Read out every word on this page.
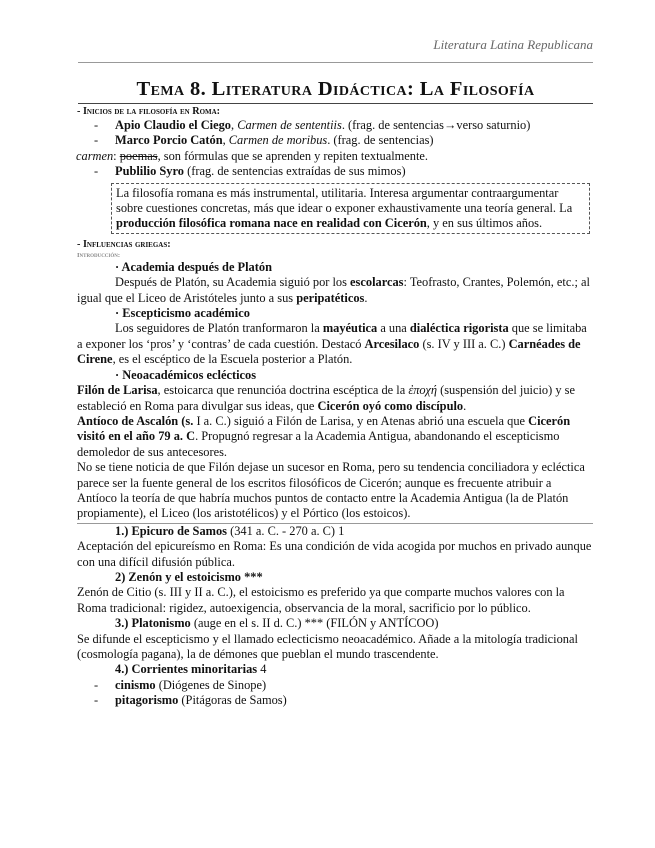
Literatura Latina Republicana
Tema 8. Literatura Didáctica: La Filosofía
- Inicios de la filosofía en Roma:
- Apio Claudio el Ciego, Carmen de sententiis. (frag. de sentencias→verso saturnio)
- Marco Porcio Catón, Carmen de moribus. (frag. de sentencias)

carmen: poemas, son fórmulas que se aprenden y repiten textualmente.

- Publilio Syro (frag. de sentencias extraídas de sus mimos)
La filosofía romana es más instrumental, utilitaria. Interesa argumentar contraargumentar sobre cuestiones concretas, más que idear o exponer exhaustivamente una teoría general. La producción filosófica romana nace en realidad con Cicerón, y en sus últimos años.
- Influencias griegas:
Introducción:
· Academia después de Platón

Después de Platón, su Academia siguió por los escolarcas: Teofrasto, Crantes, Polemón, etc.; al igual que el Liceo de Aristóteles junto a sus peripatéticos.

· Escepticismo académico

Los seguidores de Platón tranformaron la mayéutica a una dialéctica rigorista que se limitaba a exponer los ‘pros’ y ‘contras’ de cada cuestión. Destacó Arcesilaco (s. IV y III a. C.) Carnéades de Cirene, es el escéptico de la Escuela posterior a Platón.

· Neoacadémicos eclécticos

Filón de Larisa, estoicarca que renuncióa doctrina escéptica de la ἐποχή (suspensión del juicio) y se estableció en Roma para divulgar sus ideas, que Cicerón oyó como discípulo.

Antíoco de Ascalón (s. I a. C.) siguió a Filón de Larisa, y en Atenas abrió una escuela que Cicerón visitó en el año 79 a. C. Propugnó regresar a la Academia Antigua, abandonando el escepticismo demoledor de sus antecesores.

No se tiene noticia de que Filón dejase un sucesor en Roma, pero su tendencia conciliadora y ecléctica parece ser la fuente general de los escritos filosóficos de Cicerón; aunque es frecuente atribuir a Antíoco la teoría de que habría muchos puntos de contacto entre la Academia Antigua (la de Platón propiamente), el Liceo (los aristotélicos) y el Pórtico (los estoicos).

1.) Epicuro de Samos (341 a. C. - 270 a. C) 1

Aceptación del epicureísmo en Roma: Es una condición de vida acogida por muchos en privado aunque con una difícil difusión pública.

2) Zenón y el estoicismo ***

Zenón de Citio (s. III y II a. C.), el estoicismo es preferido ya que comparte muchos valores con la Roma tradicional: rigidez, autoexigencia, observancia de la moral, sacrificio por lo público.

3.) Platonismo (auge en el s. II d. C.) *** (FILÓN y ANTÍCOO)

Se difunde el escepticismo y el llamado eclecticismo neoacadémico. Añade a la mitología tradicional (cosmología pagana), la de démones que pueblan el mundo trascendente.

4.) Corrientes minoritarias 4
- cinismo (Diógenes de Sinope)
- pitagorismo (Pitágoras de Samos)
